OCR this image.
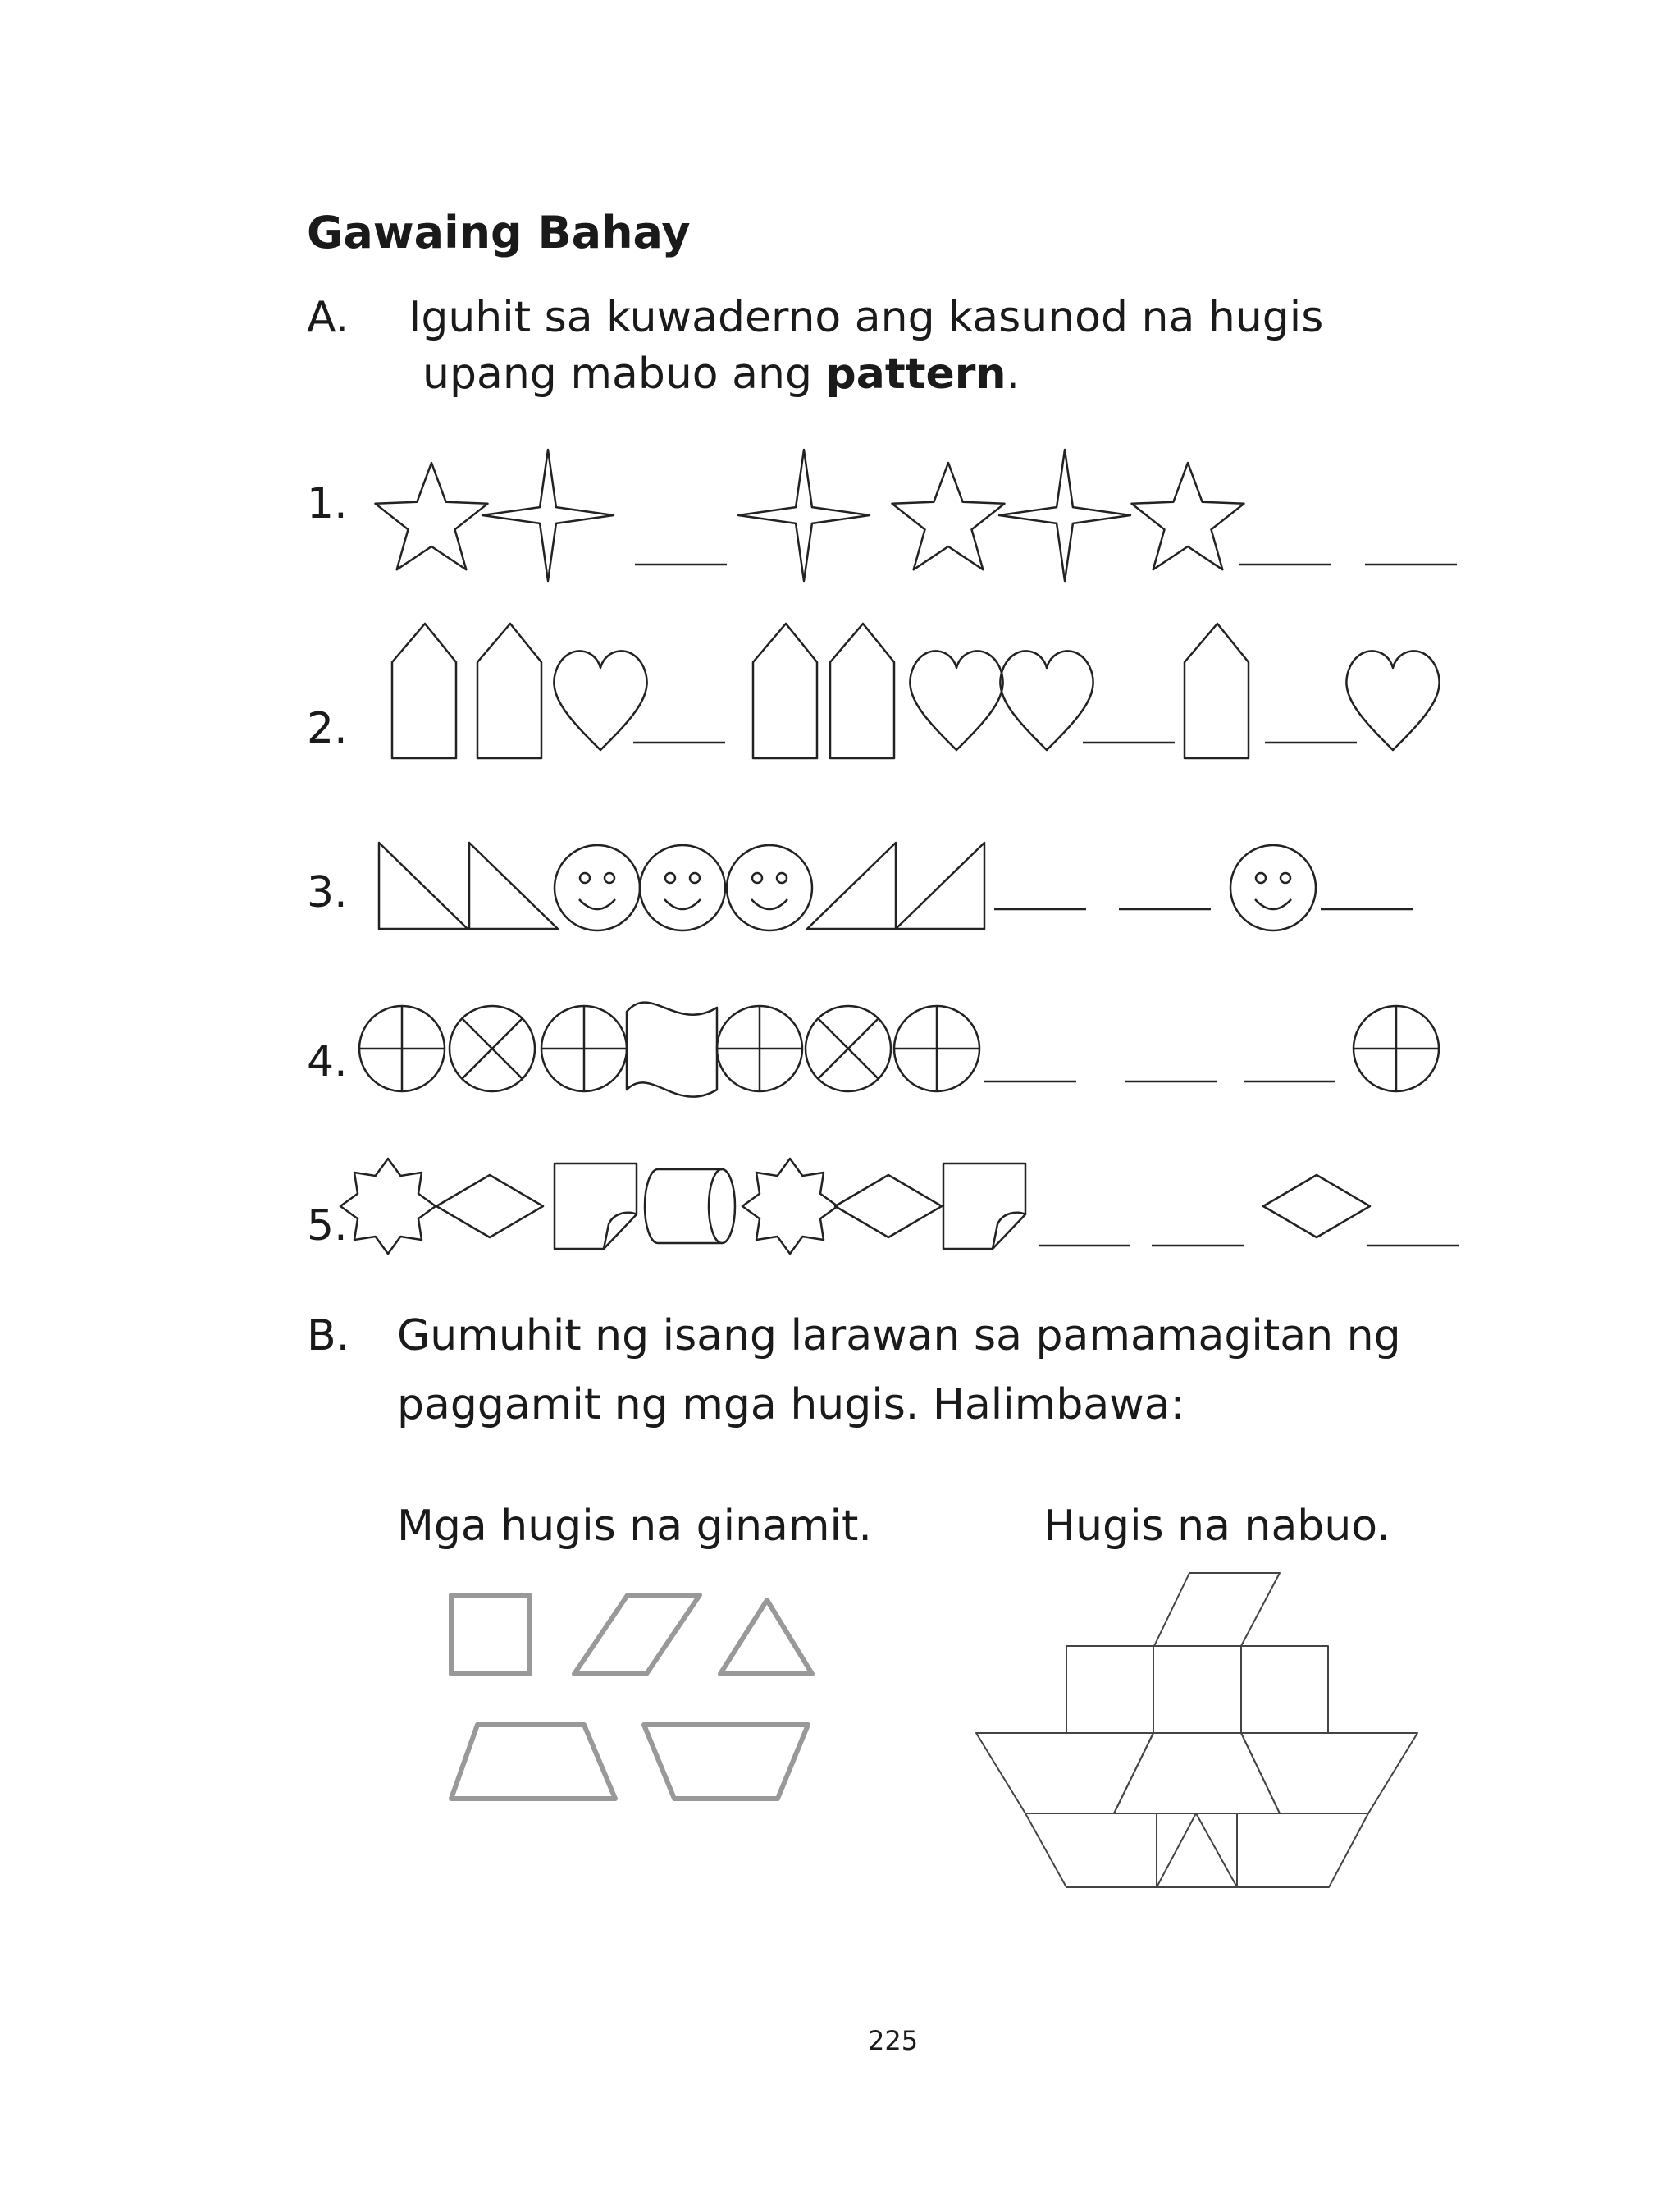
Gawaing Bahay
A. Iguhit sa kuwaderno ang kasunod na hugis
upang mabuo ang pattern.
1.
2.
3.
4.
5.
B. Gumuhit ng isang larawan sa pamamagitan ng
paggamit ng mga hugis. Halimbawa:
Mga hugis na ginamit.	Hugis na nabuo.
225
